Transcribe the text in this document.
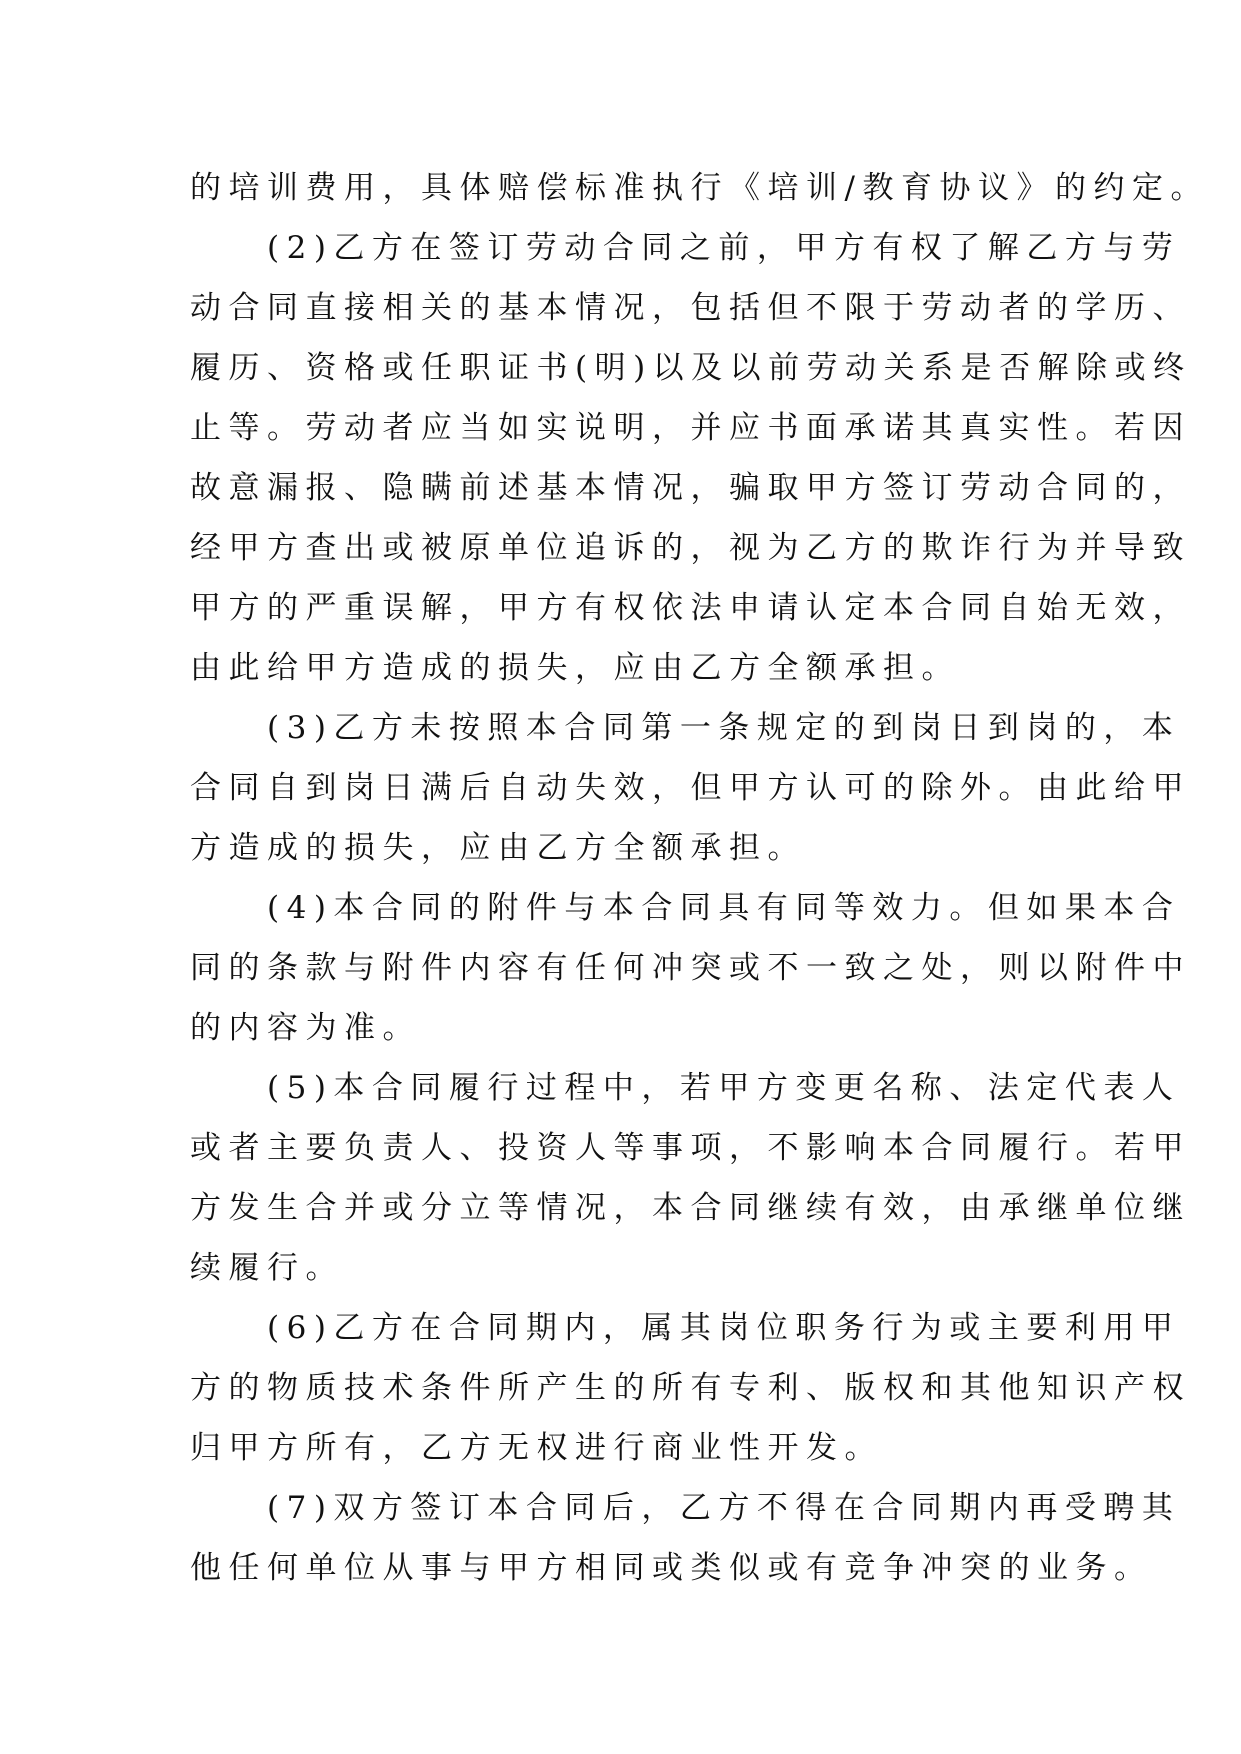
的培训费用，具体赔偿标准执行《培训/教育协议》的约定。
　　(2)乙方在签订劳动合同之前，甲方有权了解乙方与劳
动合同直接相关的基本情况，包括但不限于劳动者的学历、
履历、资格或任职证书(明)以及以前劳动关系是否解除或终
止等。劳动者应当如实说明，并应书面承诺其真实性。若因
故意漏报、隐瞒前述基本情况，骗取甲方签订劳动合同的，
经甲方查出或被原单位追诉的，视为乙方的欺诈行为并导致
甲方的严重误解，甲方有权依法申请认定本合同自始无效，
由此给甲方造成的损失，应由乙方全额承担。
　　(3)乙方未按照本合同第一条规定的到岗日到岗的，本
合同自到岗日满后自动失效，但甲方认可的除外。由此给甲
方造成的损失，应由乙方全额承担。
　　(4)本合同的附件与本合同具有同等效力。但如果本合
同的条款与附件内容有任何冲突或不一致之处，则以附件中
的内容为准。
　　(5)本合同履行过程中，若甲方变更名称、法定代表人
或者主要负责人、投资人等事项，不影响本合同履行。若甲
方发生合并或分立等情况，本合同继续有效，由承继单位继
续履行。
　　(6)乙方在合同期内，属其岗位职务行为或主要利用甲
方的物质技术条件所产生的所有专利、版权和其他知识产权
归甲方所有，乙方无权进行商业性开发。
　　(7)双方签订本合同后，乙方不得在合同期内再受聘其
他任何单位从事与甲方相同或类似或有竞争冲突的业务。
